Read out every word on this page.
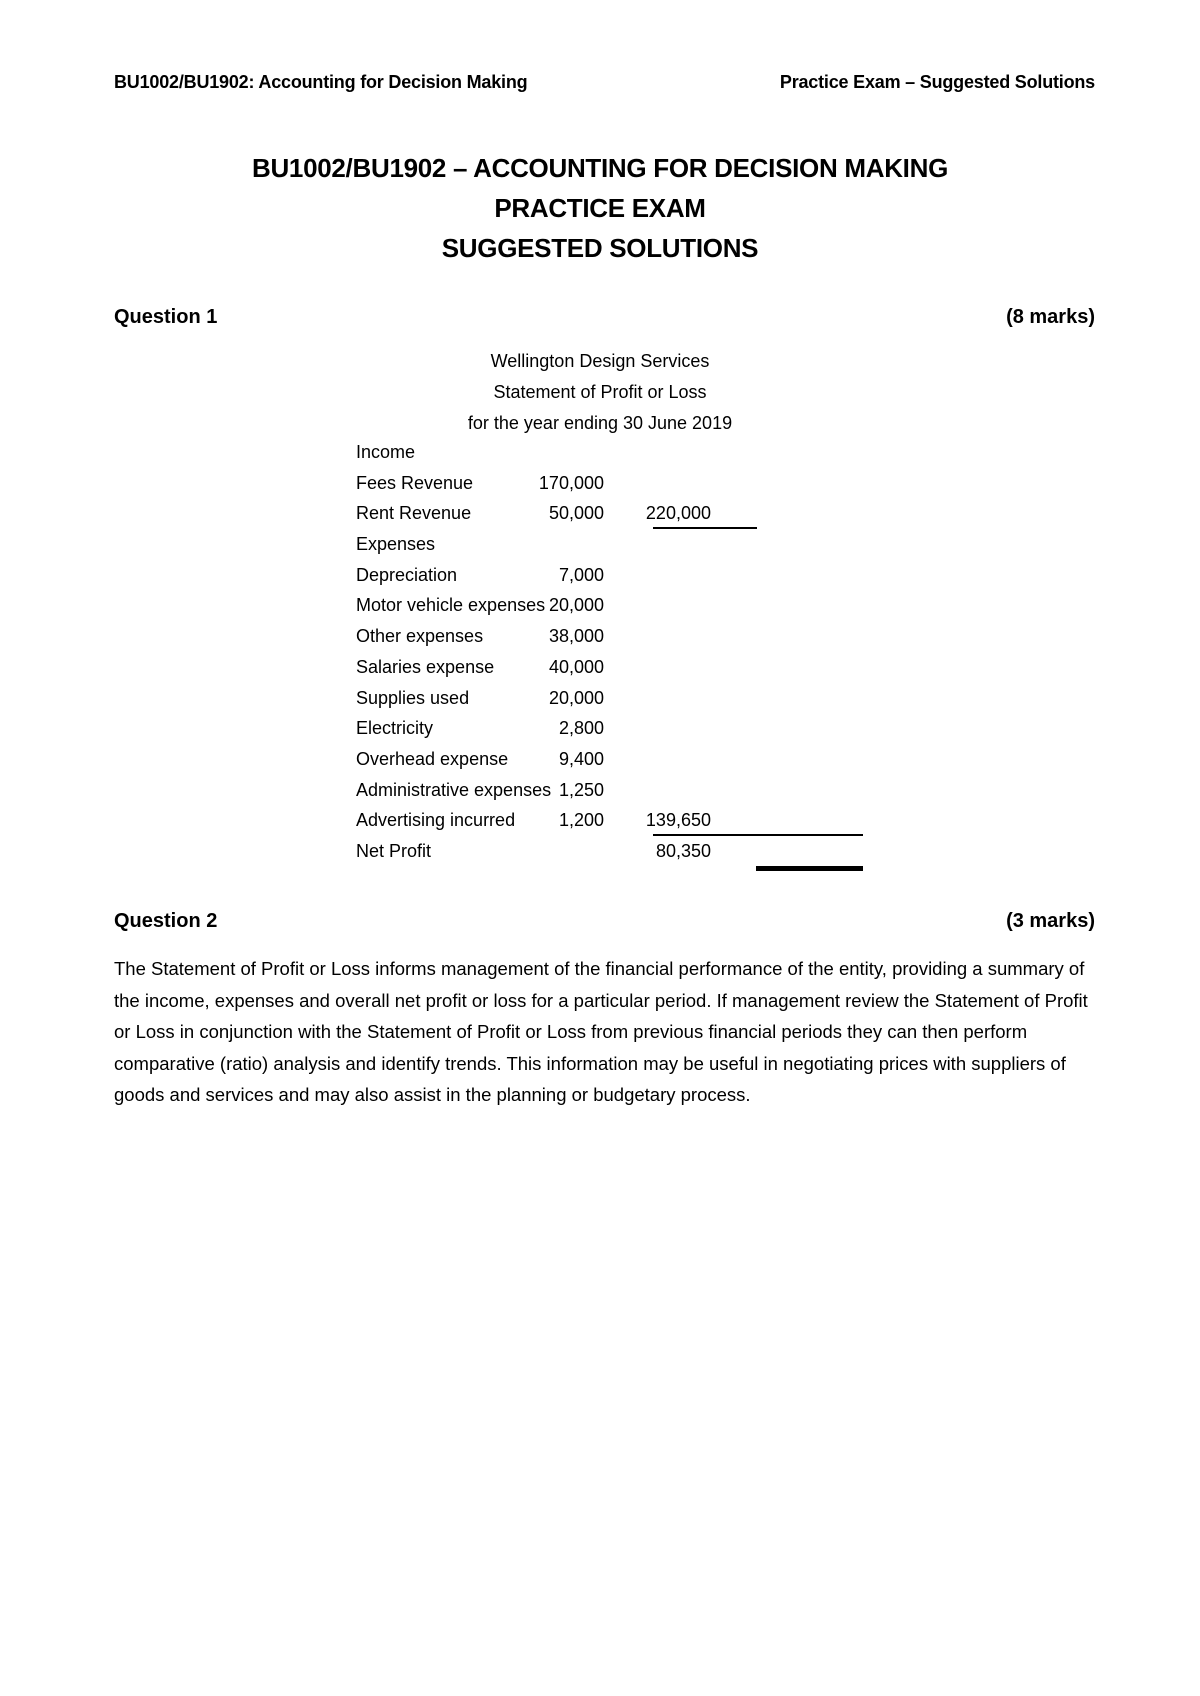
BU1002/BU1902: Accounting for Decision Making	Practice Exam – Suggested Solutions
BU1002/BU1902 – ACCOUNTING FOR DECISION MAKING
PRACTICE EXAM
SUGGESTED SOLUTIONS
Question 1	(8 marks)
Wellington Design Services
Statement of Profit or Loss
for the year ending 30 June 2019
Income
Fees Revenue	170,000
Rent Revenue	50,000 220,000
Expenses
Depreciation	7,000
Motor vehicle expenses 20,000
Other expenses	38,000
Salaries expense	40,000
Supplies used	20,000
Electricity	2,800
Overhead expense	9,400
Administrative expenses 1,250
Advertising incurred 1,200 139,650
Net Profit	80,350
Question 2	(3 marks)
The Statement of Profit or Loss informs management of the financial performance of the entity, providing a summary of the income, expenses and overall net profit or loss for a particular period. If management review the Statement of Profit or Loss in conjunction with the Statement of Profit or Loss from previous financial periods they can then perform comparative (ratio) analysis and identify trends. This information may be useful in negotiating prices with suppliers of goods and services and may also assist in the planning or budgetary process.
